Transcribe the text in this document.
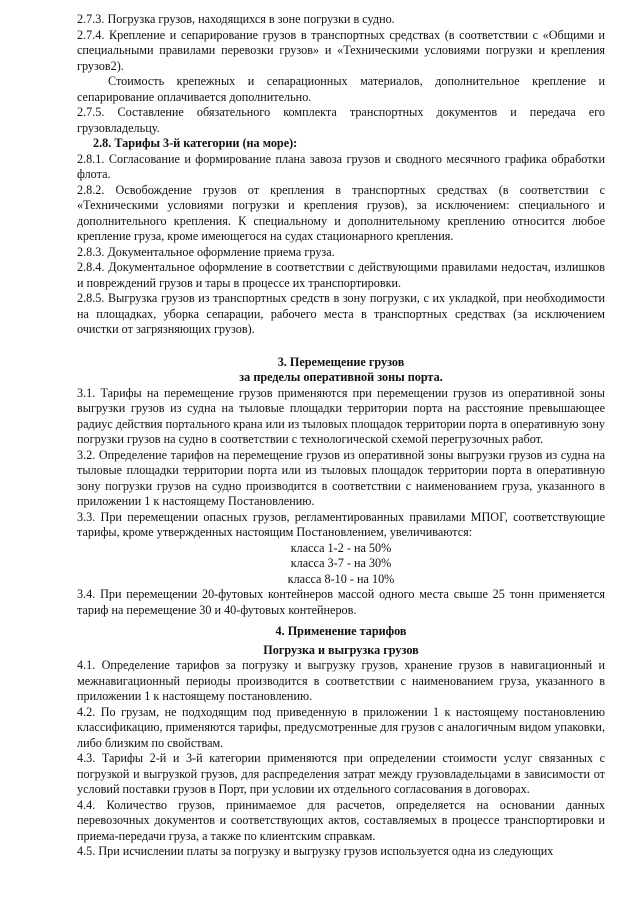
2.7.3. Погрузка грузов, находящихся в зоне погрузки в судно.

2.7.4. Крепление и сепарирование грузов в транспортных средствах (в соответствии с «Общими и специальными правилами перевозки грузов» и «Техническими условиями погрузки и крепления грузов2).

Стоимость крепежных и сепарационных материалов, дополнительное крепление и сепарирование оплачивается дополнительно.

2.7.5. Составление обязательного комплекта транспортных документов и передача его грузовладельцу.

2.8. Тарифы 3-й категории (на море):

2.8.1. Согласование и формирование плана завоза грузов и сводного месячного графика обработки флота.

2.8.2. Освобождение грузов от крепления в транспортных средствах (в соответствии с «Техническими условиями погрузки и крепления грузов), за исключением: специального и дополнительного крепления. К специальному и дополнительному креплению относится любое крепление груза, кроме имеющегося на судах стационарного крепления.

2.8.3. Документальное оформление приема груза.

2.8.4. Документальное оформление в соответствии с действующими правилами недостач, излишков и повреждений грузов и тары в процессе их транспортировки.

2.8.5. Выгрузка грузов из транспортных средств в зону погрузки, с их укладкой, при необходимости на площадках, уборка сепарации, рабочего места в транспортных средствах (за исключением очистки от загрязняющих грузов).

3. Перемещение грузов

за пределы оперативной зоны порта.

3.1. Тарифы на перемещение грузов применяются при перемещении грузов из оперативной зоны выгрузки грузов из судна на тыловые площадки территории порта на расстояние превышающее радиус действия портального крана или из тыловых площадок территории порта в оперативную зону погрузки грузов на судно в соответствии с технологической схемой перегрузочных работ.

3.2. Определение тарифов на перемещение грузов из оперативной зоны выгрузки грузов из судна на тыловые площадки территории порта или из тыловых площадок территории порта в оперативную зону погрузки грузов на судно производится в соответствии с наименованием груза, указанного в приложении 1 к настоящему Постановлению.

3.3. При перемещении опасных грузов, регламентированных правилами МПОГ, соответствующие тарифы, кроме утвержденных настоящим Постановлением, увеличиваются:

класса 1-2 - на 50%

класса 3-7 - на 30%

класса 8-10 - на 10%

3.4. При перемещении 20-футовых контейнеров массой одного места свыше 25 тонн применяется тариф на перемещение 30 и 40-футовых контейнеров.

4. Применение тарифов

Погрузка и выгрузка грузов

4.1. Определение тарифов за погрузку и выгрузку грузов, хранение грузов в навигационный и межнавигационный периоды производится в соответствии с наименованием груза, указанного в приложении 1 к настоящему постановлению.

4.2. По грузам, не подходящим под приведенную в приложении 1 к настоящему постановлению классификацию, применяются тарифы, предусмотренные для грузов с аналогичным видом упаковки, либо близким по свойствам.

4.3. Тарифы 2-й и 3-й категории применяются при определении стоимости услуг связанных с погрузкой и выгрузкой грузов, для распределения затрат между грузовладельцами в зависимости от условий поставки грузов в Порт, при условии их отдельного согласования в договорах.

4.4. Количество грузов, принимаемое для расчетов, определяется на основании данных перевозочных документов и соответствующих актов, составляемых в процессе транспортировки и приема-передачи груза, а также по клиентским справкам.

4.5. При исчислении платы за погрузку и выгрузку грузов используется одна из следующих
